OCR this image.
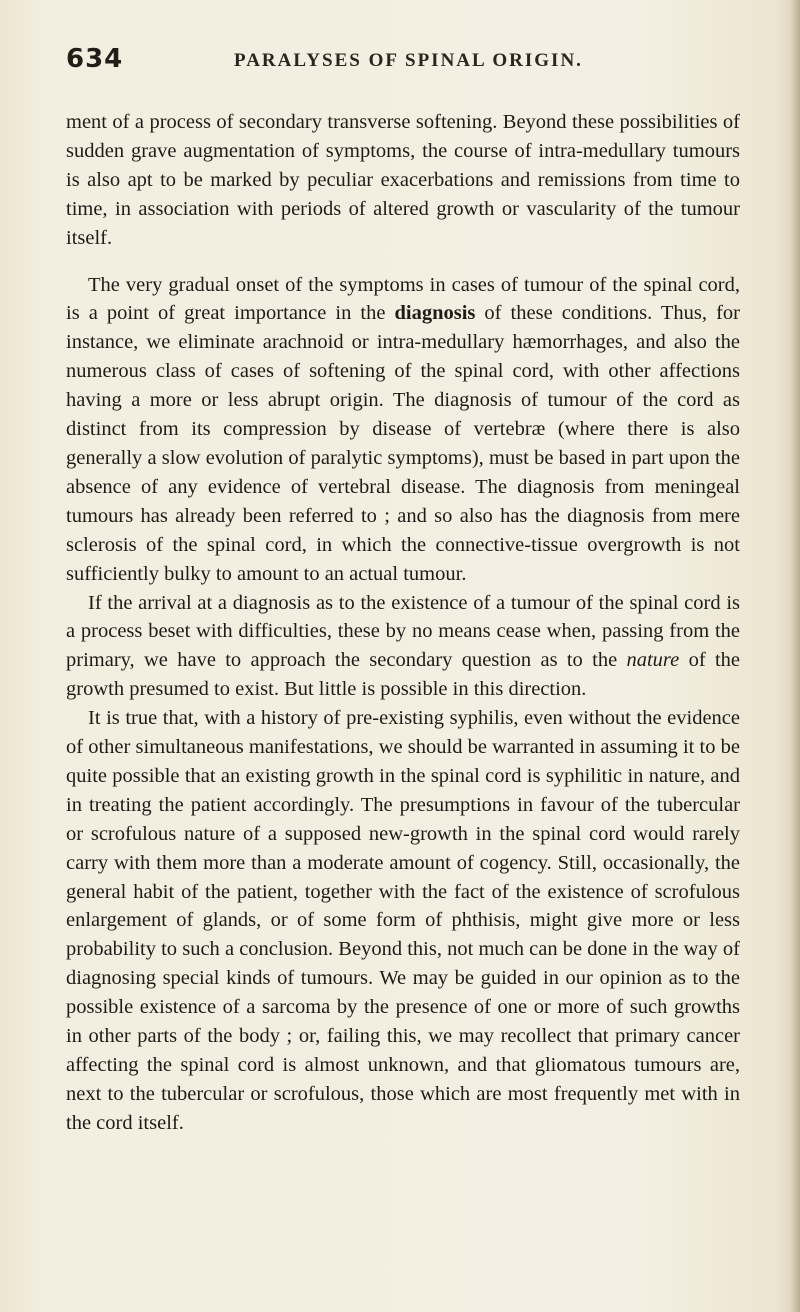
634	PARALYSES OF SPINAL ORIGIN.

ment of a process of secondary transverse softening. Beyond these possibilities of sudden grave augmentation of symptoms, the course of intra-medullary tumours is also apt to be marked by peculiar exacerbations and remissions from time to time, in association with periods of altered growth or vascularity of the tumour itself.

The very gradual onset of the symptoms in cases of tumour of the spinal cord, is a point of great importance in the diagnosis of these conditions. Thus, for instance, we eliminate arachnoid or intra-medullary hæmorrhages, and also the numerous class of cases of softening of the spinal cord, with other affections having a more or less abrupt origin. The diagnosis of tumour of the cord as distinct from its compression by disease of vertebræ (where there is also generally a slow evolution of paralytic symptoms), must be based in part upon the absence of any evidence of vertebral disease. The diagnosis from meningeal tumours has already been referred to ; and so also has the diagnosis from mere sclerosis of the spinal cord, in which the connective-tissue overgrowth is not sufficiently bulky to amount to an actual tumour.

If the arrival at a diagnosis as to the existence of a tumour of the spinal cord is a process beset with difficulties, these by no means cease when, passing from the primary, we have to approach the secondary question as to the nature of the growth presumed to exist. But little is possible in this direction.

It is true that, with a history of pre-existing syphilis, even without the evidence of other simultaneous manifestations, we should be warranted in assuming it to be quite possible that an existing growth in the spinal cord is syphilitic in nature, and in treating the patient accordingly. The presumptions in favour of the tubercular or scrofulous nature of a supposed new-growth in the spinal cord would rarely carry with them more than a moderate amount of cogency. Still, occasionally, the general habit of the patient, together with the fact of the existence of scrofulous enlargement of glands, or of some form of phthisis, might give more or less probability to such a conclusion. Beyond this, not much can be done in the way of diagnosing special kinds of tumours. We may be guided in our opinion as to the possible existence of a sarcoma by the presence of one or more of such growths in other parts of the body ; or, failing this, we may recollect that primary cancer affecting the spinal cord is almost unknown, and that gliomatous tumours are, next to the tubercular or scrofulous, those which are most frequently met with in the cord itself.
